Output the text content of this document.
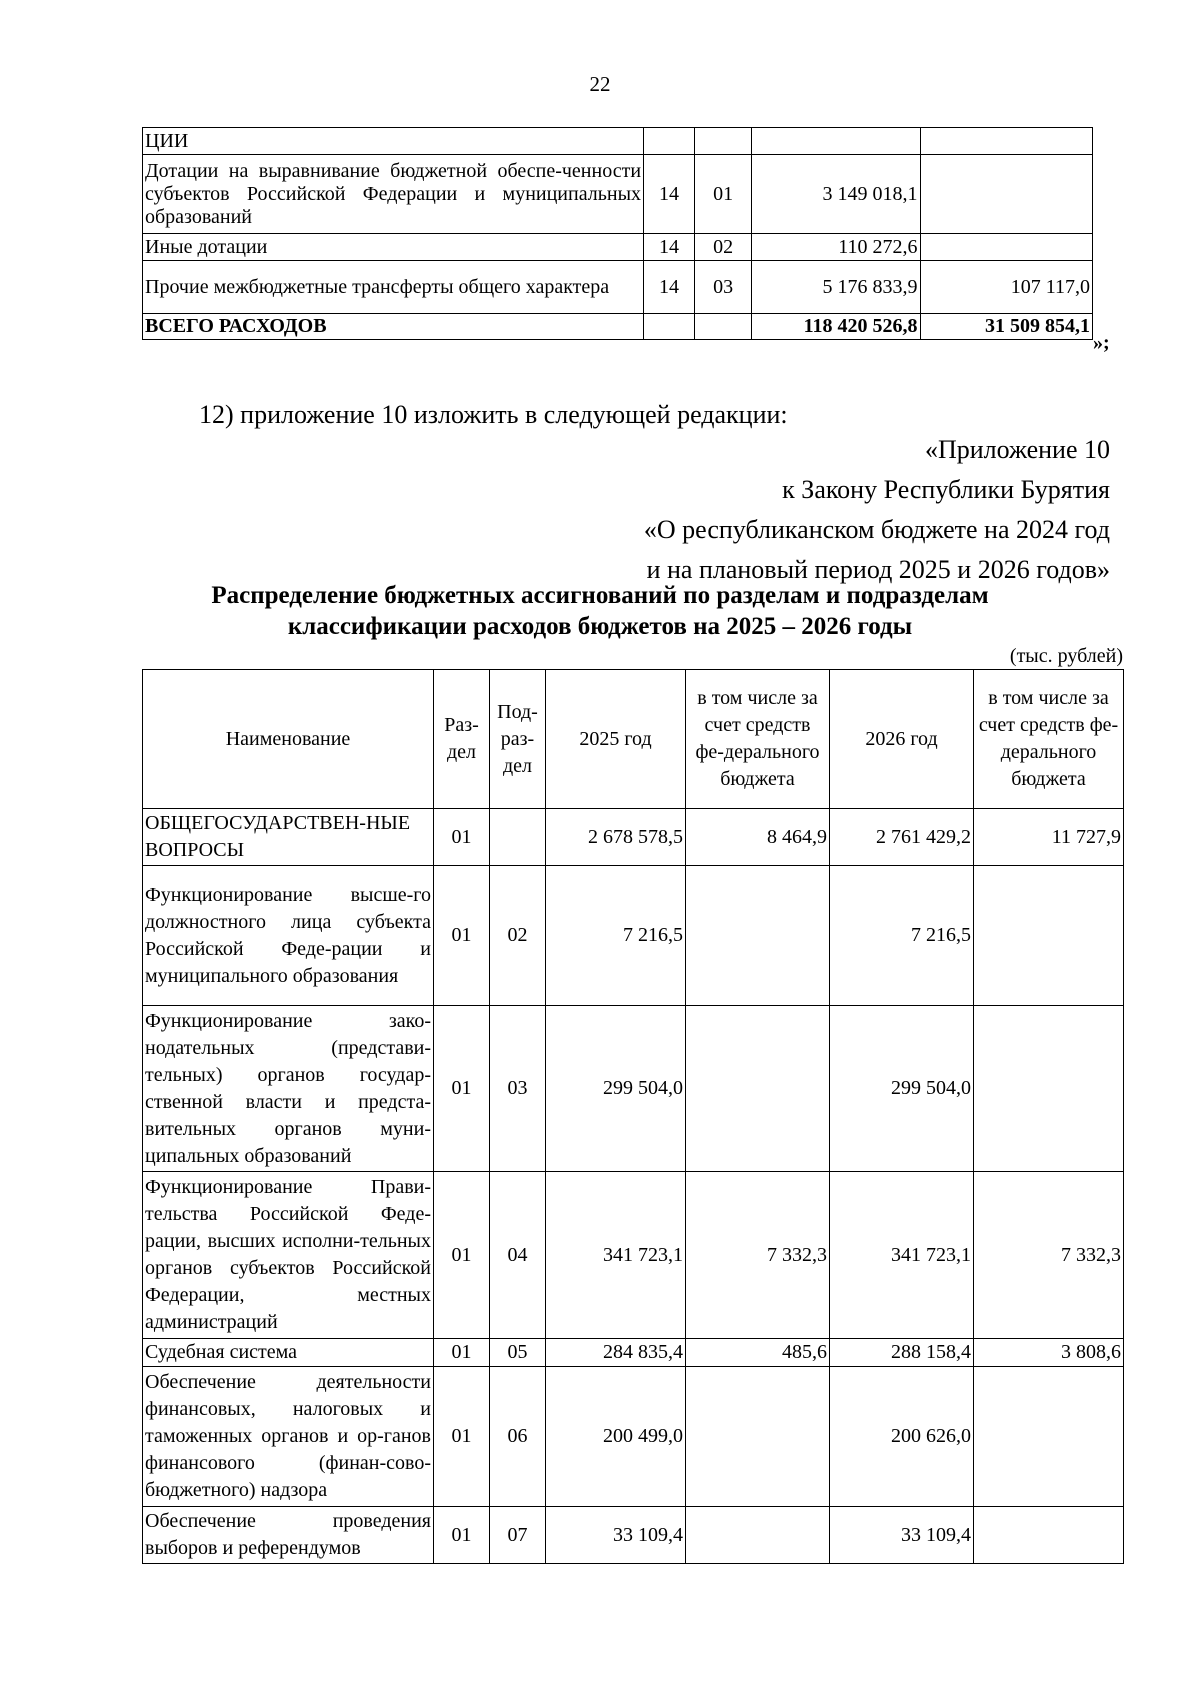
22
ЦИИ				
Дотации на выравнивание бюджетной обеспе-ченности субъектов Российской Федерации и муниципальных образований	14	01	3 149 018,1	
Иные дотации	14	02	110 272,6	
Прочие межбюджетные трансферты общего характера	14	03	5 176 833,9	107 117,0
ВСЕГО РАСХОДОВ			118 420 526,8	31 509 854,1
»;
12) приложение 10 изложить в следующей редакции:
«Приложение 10
к Закону Республики Бурятия
«О республиканском бюджете на 2024 год
и на плановый период 2025 и 2026 годов»
Распределение бюджетных ассигнований по разделам и подразделам
классификации расходов бюджетов на 2025 – 2026 годы
(тыс. рублей)
Наименование	Раз-дел	Под-раз-дел	2025 год	в том числе за счет средств фе-дерального бюджета	2026 год	в том числе за счет средств фе-дерального бюджета
ОБЩЕГОСУДАРСТВЕН-НЫЕ ВОПРОСЫ	01		2 678 578,5	8 464,9	2 761 429,2	11 727,9
Функционирование высше-го должностного лица субъекта Российской Феде-рации и муниципального образования	01	02	7 216,5		7 216,5	
Функционирование зако-нодательных (представи-тельных) органов государ-ственной власти и предста-вительных органов муни-ципальных образований	01	03	299 504,0		299 504,0	
Функционирование Прави-тельства Российской Феде-рации, высших исполни-тельных органов субъектов Российской Федерации, местных администраций	01	04	341 723,1	7 332,3	341 723,1	7 332,3
Судебная система	01	05	284 835,4	485,6	288 158,4	3 808,6
Обеспечение деятельности финансовых, налоговых и таможенных органов и ор-ганов финансового (финан-сово-бюджетного) надзора	01	06	200 499,0		200 626,0	
Обеспечение проведения выборов и референдумов	01	07	33 109,4		33 109,4	
